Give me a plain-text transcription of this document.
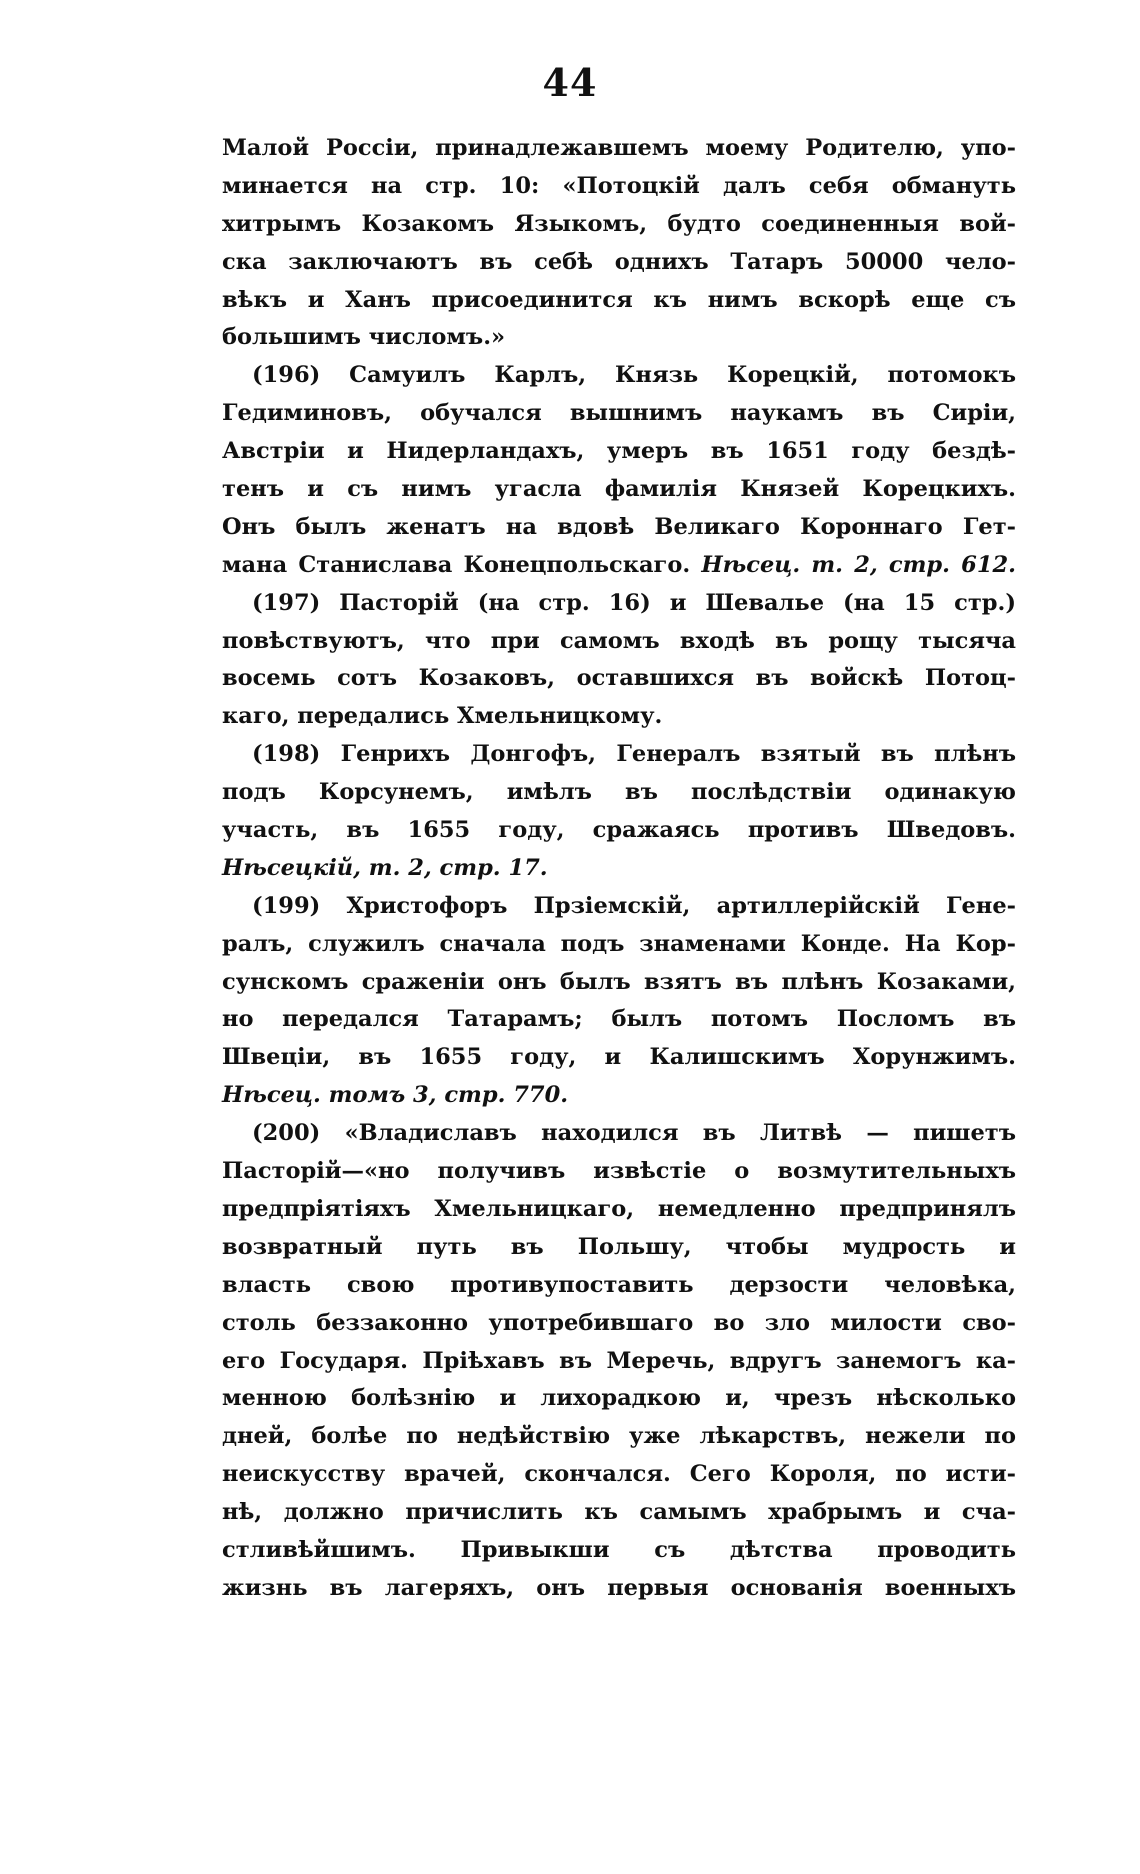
44
Малой Россіи, принадлежавшемъ моему Родителю, упо-
минается на стр. 10: «Потоцкій далъ себя обмануть
хитрымъ Козакомъ Языкомъ, будто соединенныя вой-
ска заключаютъ въ себѣ однихъ Татаръ 50000 чело-
вѣкъ и Ханъ присоединится къ нимъ вскорѣ еще съ
большимъ числомъ.»
(196) Самуилъ Карлъ, Князь Корецкій, потомокъ
Гедиминовъ, обучался вышнимъ наукамъ въ Сиріи,
Австріи и Нидерландахъ, умеръ въ 1651 году бездѣ-
тенъ и съ нимъ угасла фамилія Князей Корецкихъ.
Онъ былъ женатъ на вдовѣ Великаго Короннаго Гет-
мана Станислава Конецпольскаго. Нѣсец. т. 2, стр. 612.
(197) Пасторій (на стр. 16) и Шевалье (на 15 стр.)
повѣствуютъ, что при самомъ входѣ въ рощу тысяча
восемь сотъ Козаковъ, оставшихся въ войскѣ Потоц-
каго, передались Хмельницкому.
(198) Генрихъ Донгофъ, Генералъ взятый въ плѣнъ
подъ Корсунемъ, имѣлъ въ послѣдствіи одинакую
участь, въ 1655 году, сражаясь противъ Шведовъ.
Нѣсецкій, т. 2, стр. 17.
(199) Христофоръ Прзіемскій, артиллерійскій Гене-
ралъ, служилъ сначала подъ знаменами Конде. На Кор-
сунскомъ сраженіи онъ былъ взятъ въ плѣнъ Козаками,
но передался Татарамъ; былъ потомъ Посломъ въ
Швеціи, въ 1655 году, и Калишскимъ Хорунжимъ.
Нѣсец. томъ 3, стр. 770.
(200) «Владиславъ находился въ Литвѣ — пишетъ
Пасторій—«но получивъ извѣстіе о возмутительныхъ
предпріятіяхъ Хмельницкаго, немедленно предпринялъ
возвратный путь въ Польшу, чтобы мудрость и
власть свою противупоставить дерзости человѣка,
столь беззаконно употребившаго во зло милости сво-
его Государя. Пріѣхавъ въ Меречь, вдругъ занемогъ ка-
менною болѣзнію и лихорадкою и, чрезъ нѣсколько
дней, болѣе по недѣйствію уже лѣкарствъ, нежели по
неискусству врачей, скончался. Сего Короля, по исти-
нѣ, должно причислить къ самымъ храбрымъ и сча-
стливѣйшимъ. Привыкши съ дѣтства проводить
жизнь въ лагеряхъ, онъ первыя основанія военныхъ
